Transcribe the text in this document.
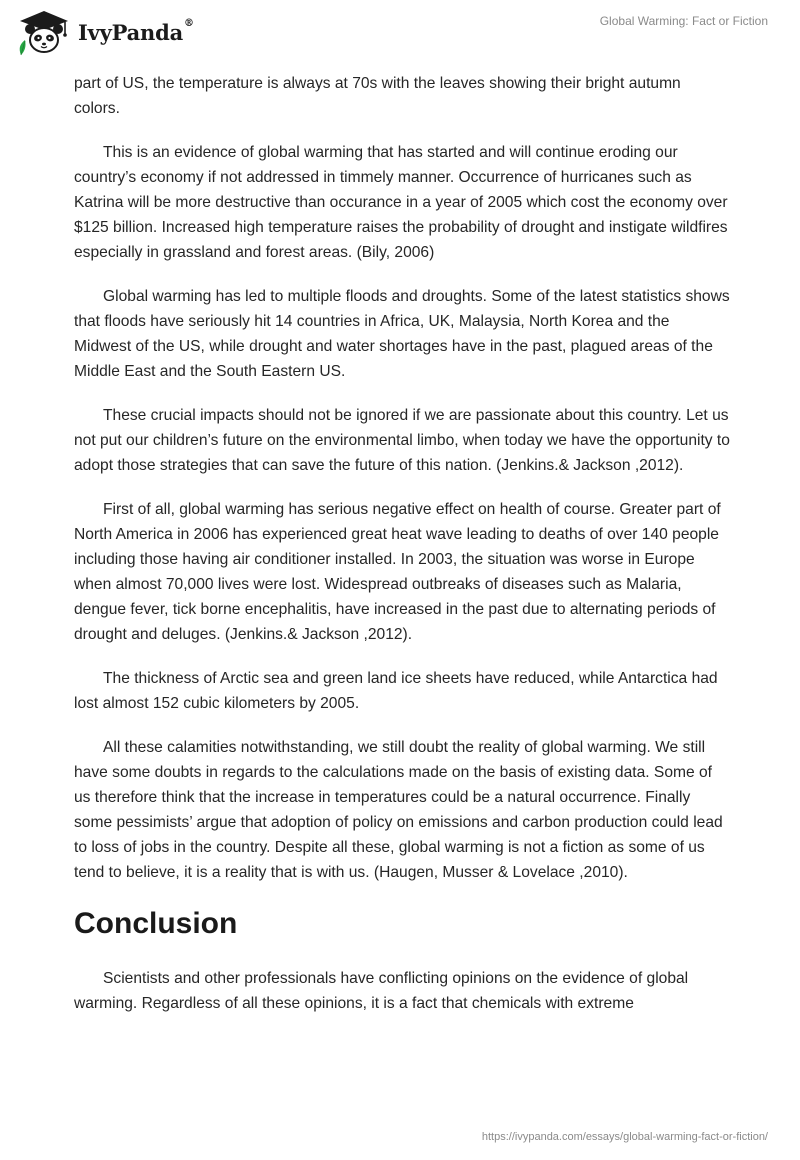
IvyPanda®	Global Warming: Fact or Fiction

part of US, the temperature is always at 70s with the leaves showing their bright autumn colors.

This is an evidence of global warming that has started and will continue eroding our country’s economy if not addressed in timmely manner. Occurrence of hurricanes such as Katrina will be more destructive than occurance in a year of 2005 which cost the economy over $125 billion. Increased high temperature raises the probability of drought and instigate wildfires especially in grassland and forest areas. (Bily, 2006)

Global warming has led to multiple floods and droughts. Some of the latest statistics shows that floods have seriously hit 14 countries in Africa, UK, Malaysia, North Korea and the Midwest of the US, while drought and water shortages have in the past, plagued areas of the Middle East and the South Eastern US.

These crucial impacts should not be ignored if we are passionate about this country. Let us not put our children’s future on the environmental limbo, when today we have the opportunity to adopt those strategies that can save the future of this nation. (Jenkins.& Jackson ,2012).

First of all, global warming has serious negative effect on health of course. Greater part of North America in 2006 has experienced great heat wave leading to deaths of over 140 people including those having air conditioner installed. In 2003, the situation was worse in Europe when almost 70,000 lives were lost. Widespread outbreaks of diseases such as Malaria, dengue fever, tick borne encephalitis, have increased in the past due to alternating periods of drought and deluges. (Jenkins.& Jackson ,2012).

The thickness of Arctic sea and green land ice sheets have reduced, while Antarctica had lost almost 152 cubic kilometers by 2005.

All these calamities notwithstanding, we still doubt the reality of global warming. We still have some doubts in regards to the calculations made on the basis of existing data. Some of us therefore think that the increase in temperatures could be a natural occurrence. Finally some pessimists’ argue that adoption of policy on emissions and carbon production could lead to loss of jobs in the country. Despite all these, global warming is not a fiction as some of us tend to believe, it is a reality that is with us. (Haugen, Musser & Lovelace ,2010).

Conclusion

Scientists and other professionals have conflicting opinions on the evidence of global warming. Regardless of all these opinions, it is a fact that chemicals with extreme

https://ivypanda.com/essays/global-warming-fact-or-fiction/
